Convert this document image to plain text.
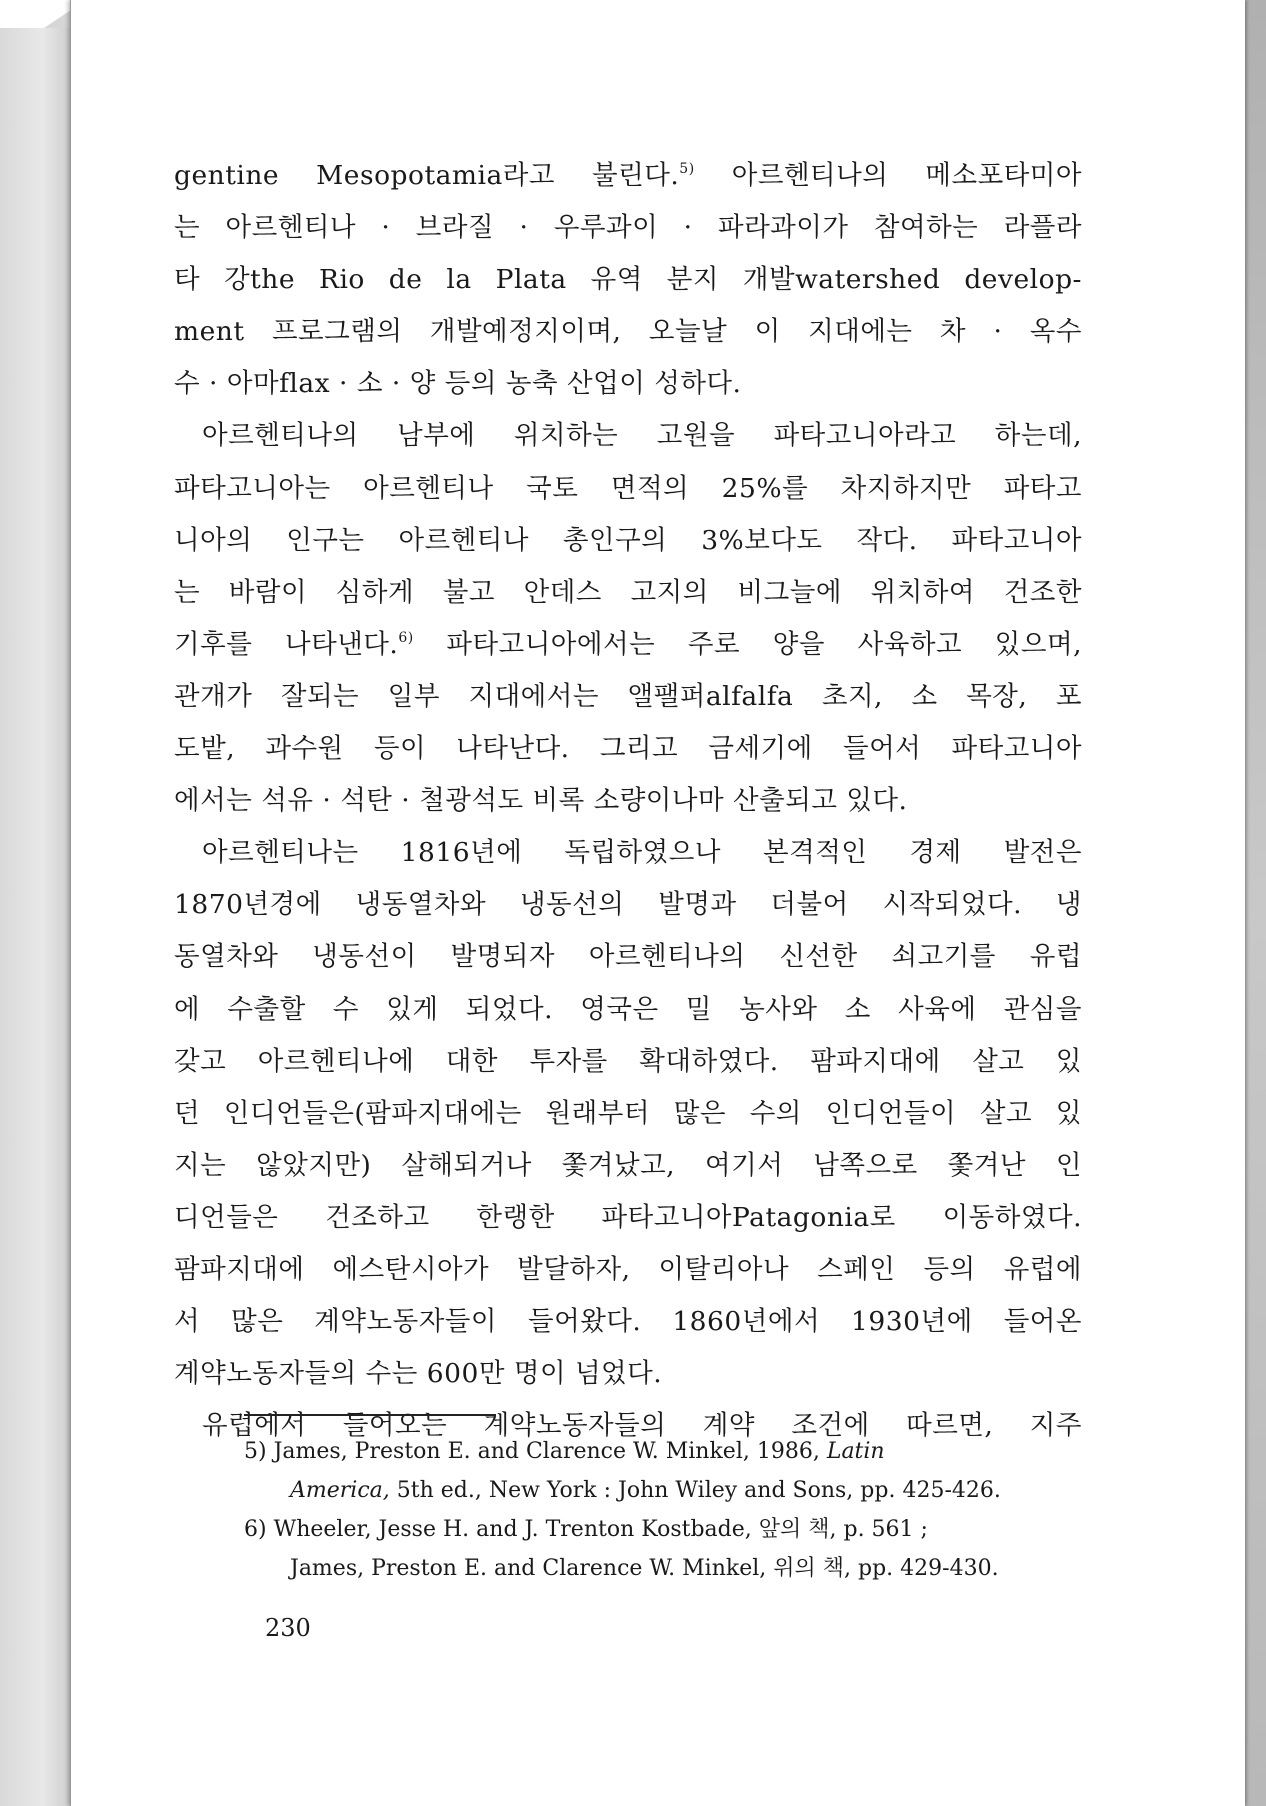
gentine Mesopotamia라고 불린다.$^{5)}$ 아르헨티나의 메소포타미아
는 아르헨티나 · 브라질 · 우루과이 · 파라과이가 참여하는 라플라
타 강the Rio de la Plata 유역 분지 개발watershed develop-
ment 프로그램의 개발예정지이며, 오늘날 이 지대에는 차 · 옥수
수 · 아마flax · 소 · 양 등의 농축 산업이 성하다.
아르헨티나의 남부에 위치하는 고원을 파타고니아라고 하는데,
파타고니아는 아르헨티나 국토 면적의 25%를 차지하지만 파타고
니아의 인구는 아르헨티나 총인구의 3%보다도 작다. 파타고니아
는 바람이 심하게 불고 안데스 고지의 비그늘에 위치하여 건조한
기후를 나타낸다.$^{6)}$ 파타고니아에서는 주로 양을 사육하고 있으며,
관개가 잘되는 일부 지대에서는 앨팰퍼alfalfa 초지, 소 목장, 포
도밭, 과수원 등이 나타난다. 그리고 금세기에 들어서 파타고니아
에서는 석유 · 석탄 · 철광석도 비록 소량이나마 산출되고 있다.
아르헨티나는 1816년에 독립하였으나 본격적인 경제 발전은
1870년경에 냉동열차와 냉동선의 발명과 더불어 시작되었다. 냉
동열차와 냉동선이 발명되자 아르헨티나의 신선한 쇠고기를 유럽
에 수출할 수 있게 되었다. 영국은 밀 농사와 소 사육에 관심을
갖고 아르헨티나에 대한 투자를 확대하였다. 팜파지대에 살고 있
던 인디언들은(팜파지대에는 원래부터 많은 수의 인디언들이 살고 있
지는 않았지만) 살해되거나 쫓겨났고, 여기서 남쪽으로 쫓겨난 인
디언들은 건조하고 한랭한 파타고니아Patagonia로 이동하였다.
팜파지대에 에스탄시아가 발달하자, 이탈리아나 스페인 등의 유럽에
서 많은 계약노동자들이 들어왔다. 1860년에서 1930년에 들어온
계약노동자들의 수는 600만 명이 넘었다.
유럽에서 들어오는 계약노동자들의 계약 조건에 따르면, 지주
5) James, Preston E. and Clarence W. Minkel, 1986, Latin
America, 5th ed., New York : John Wiley and Sons, pp. 425-426.
6) Wheeler, Jesse H. and J. Trenton Kostbade, 앞의 책, p. 561 ;
James, Preston E. and Clarence W. Minkel, 위의 책, pp. 429-430.
230
